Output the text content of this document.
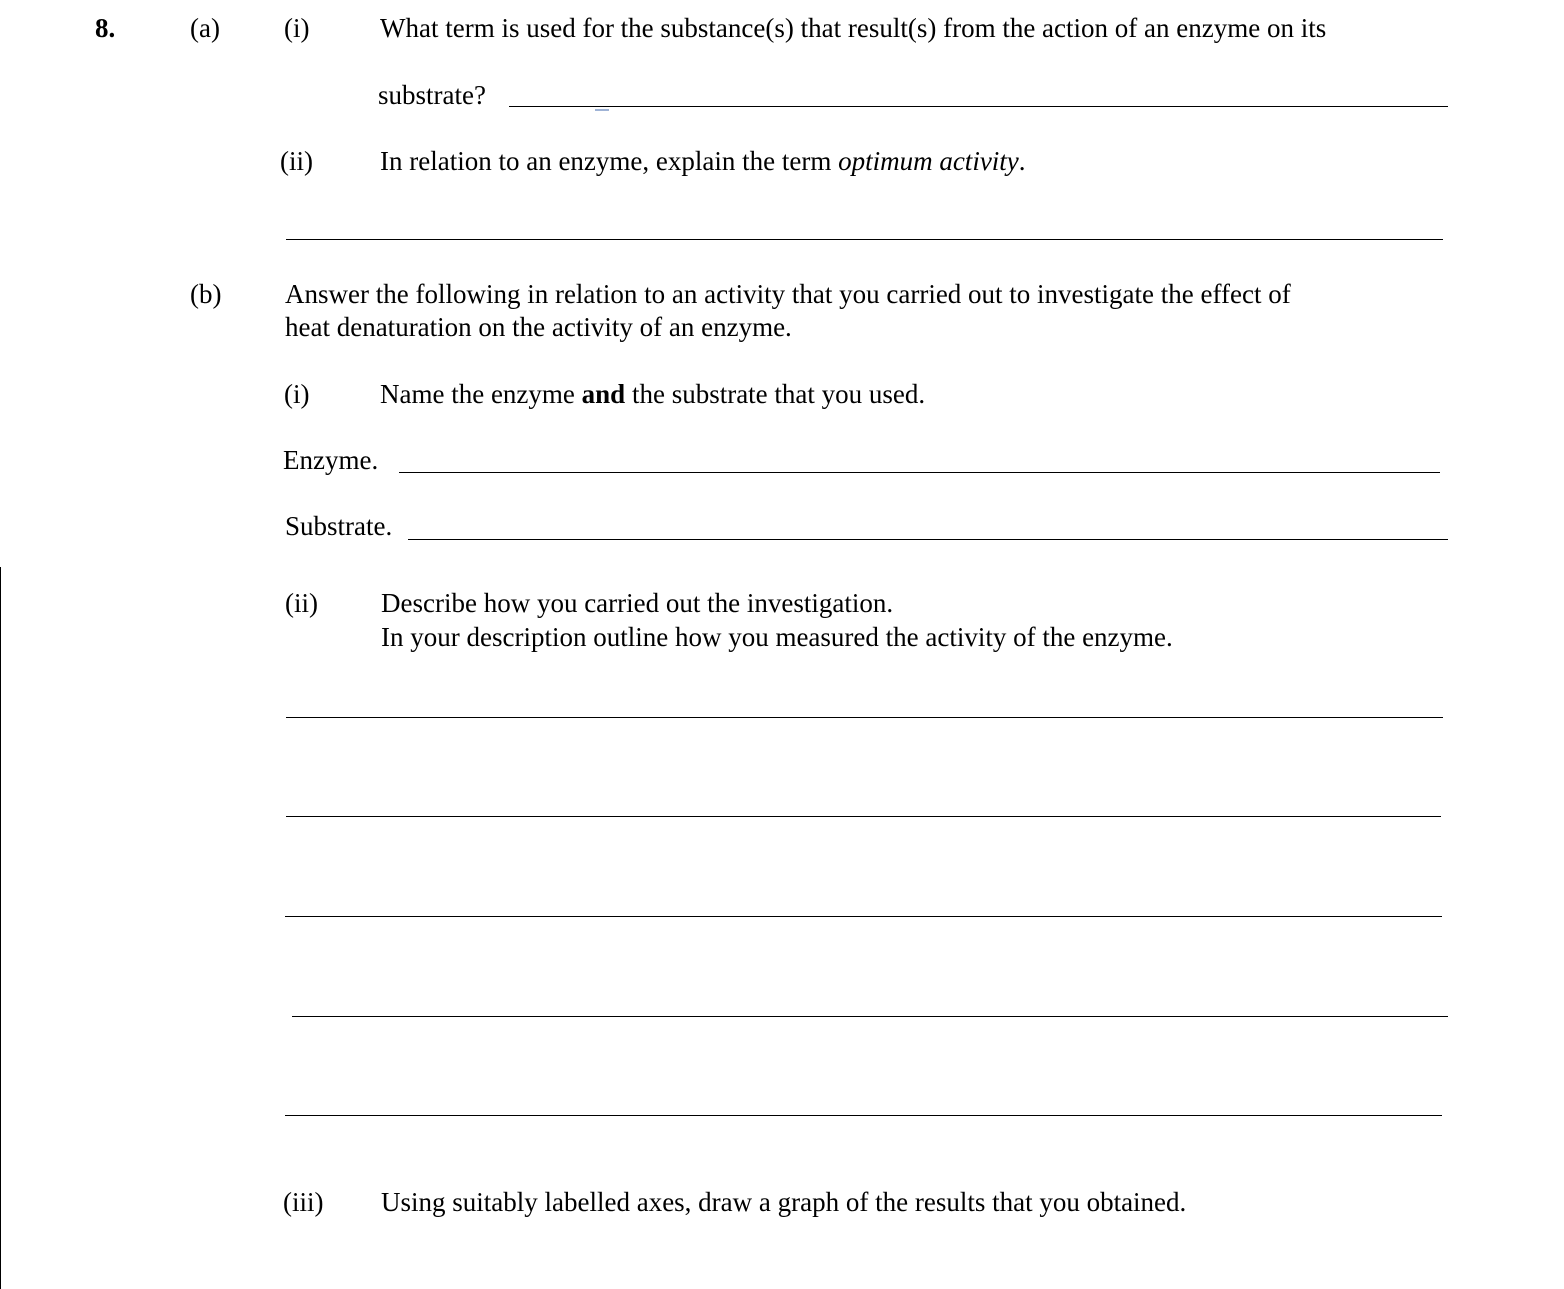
8.	(a) (i)	What term is used for the substance(s) that result(s) from the action of an enzyme on its
substrate?
(ii) In relation to an enzyme, explain the term optimum activity.
(b) Answer the following in relation to an activity that you carried out to investigate the effect of
heat denaturation on the activity of an enzyme.
(i)	Name the enzyme and the substrate that you used.
Enzyme.
Substrate.
(ii) Describe how you carried out the investigation.
In your description outline how you measured the activity of the enzyme.
(iii) Using suitably labelled axes, draw a graph of the results that you obtained.
